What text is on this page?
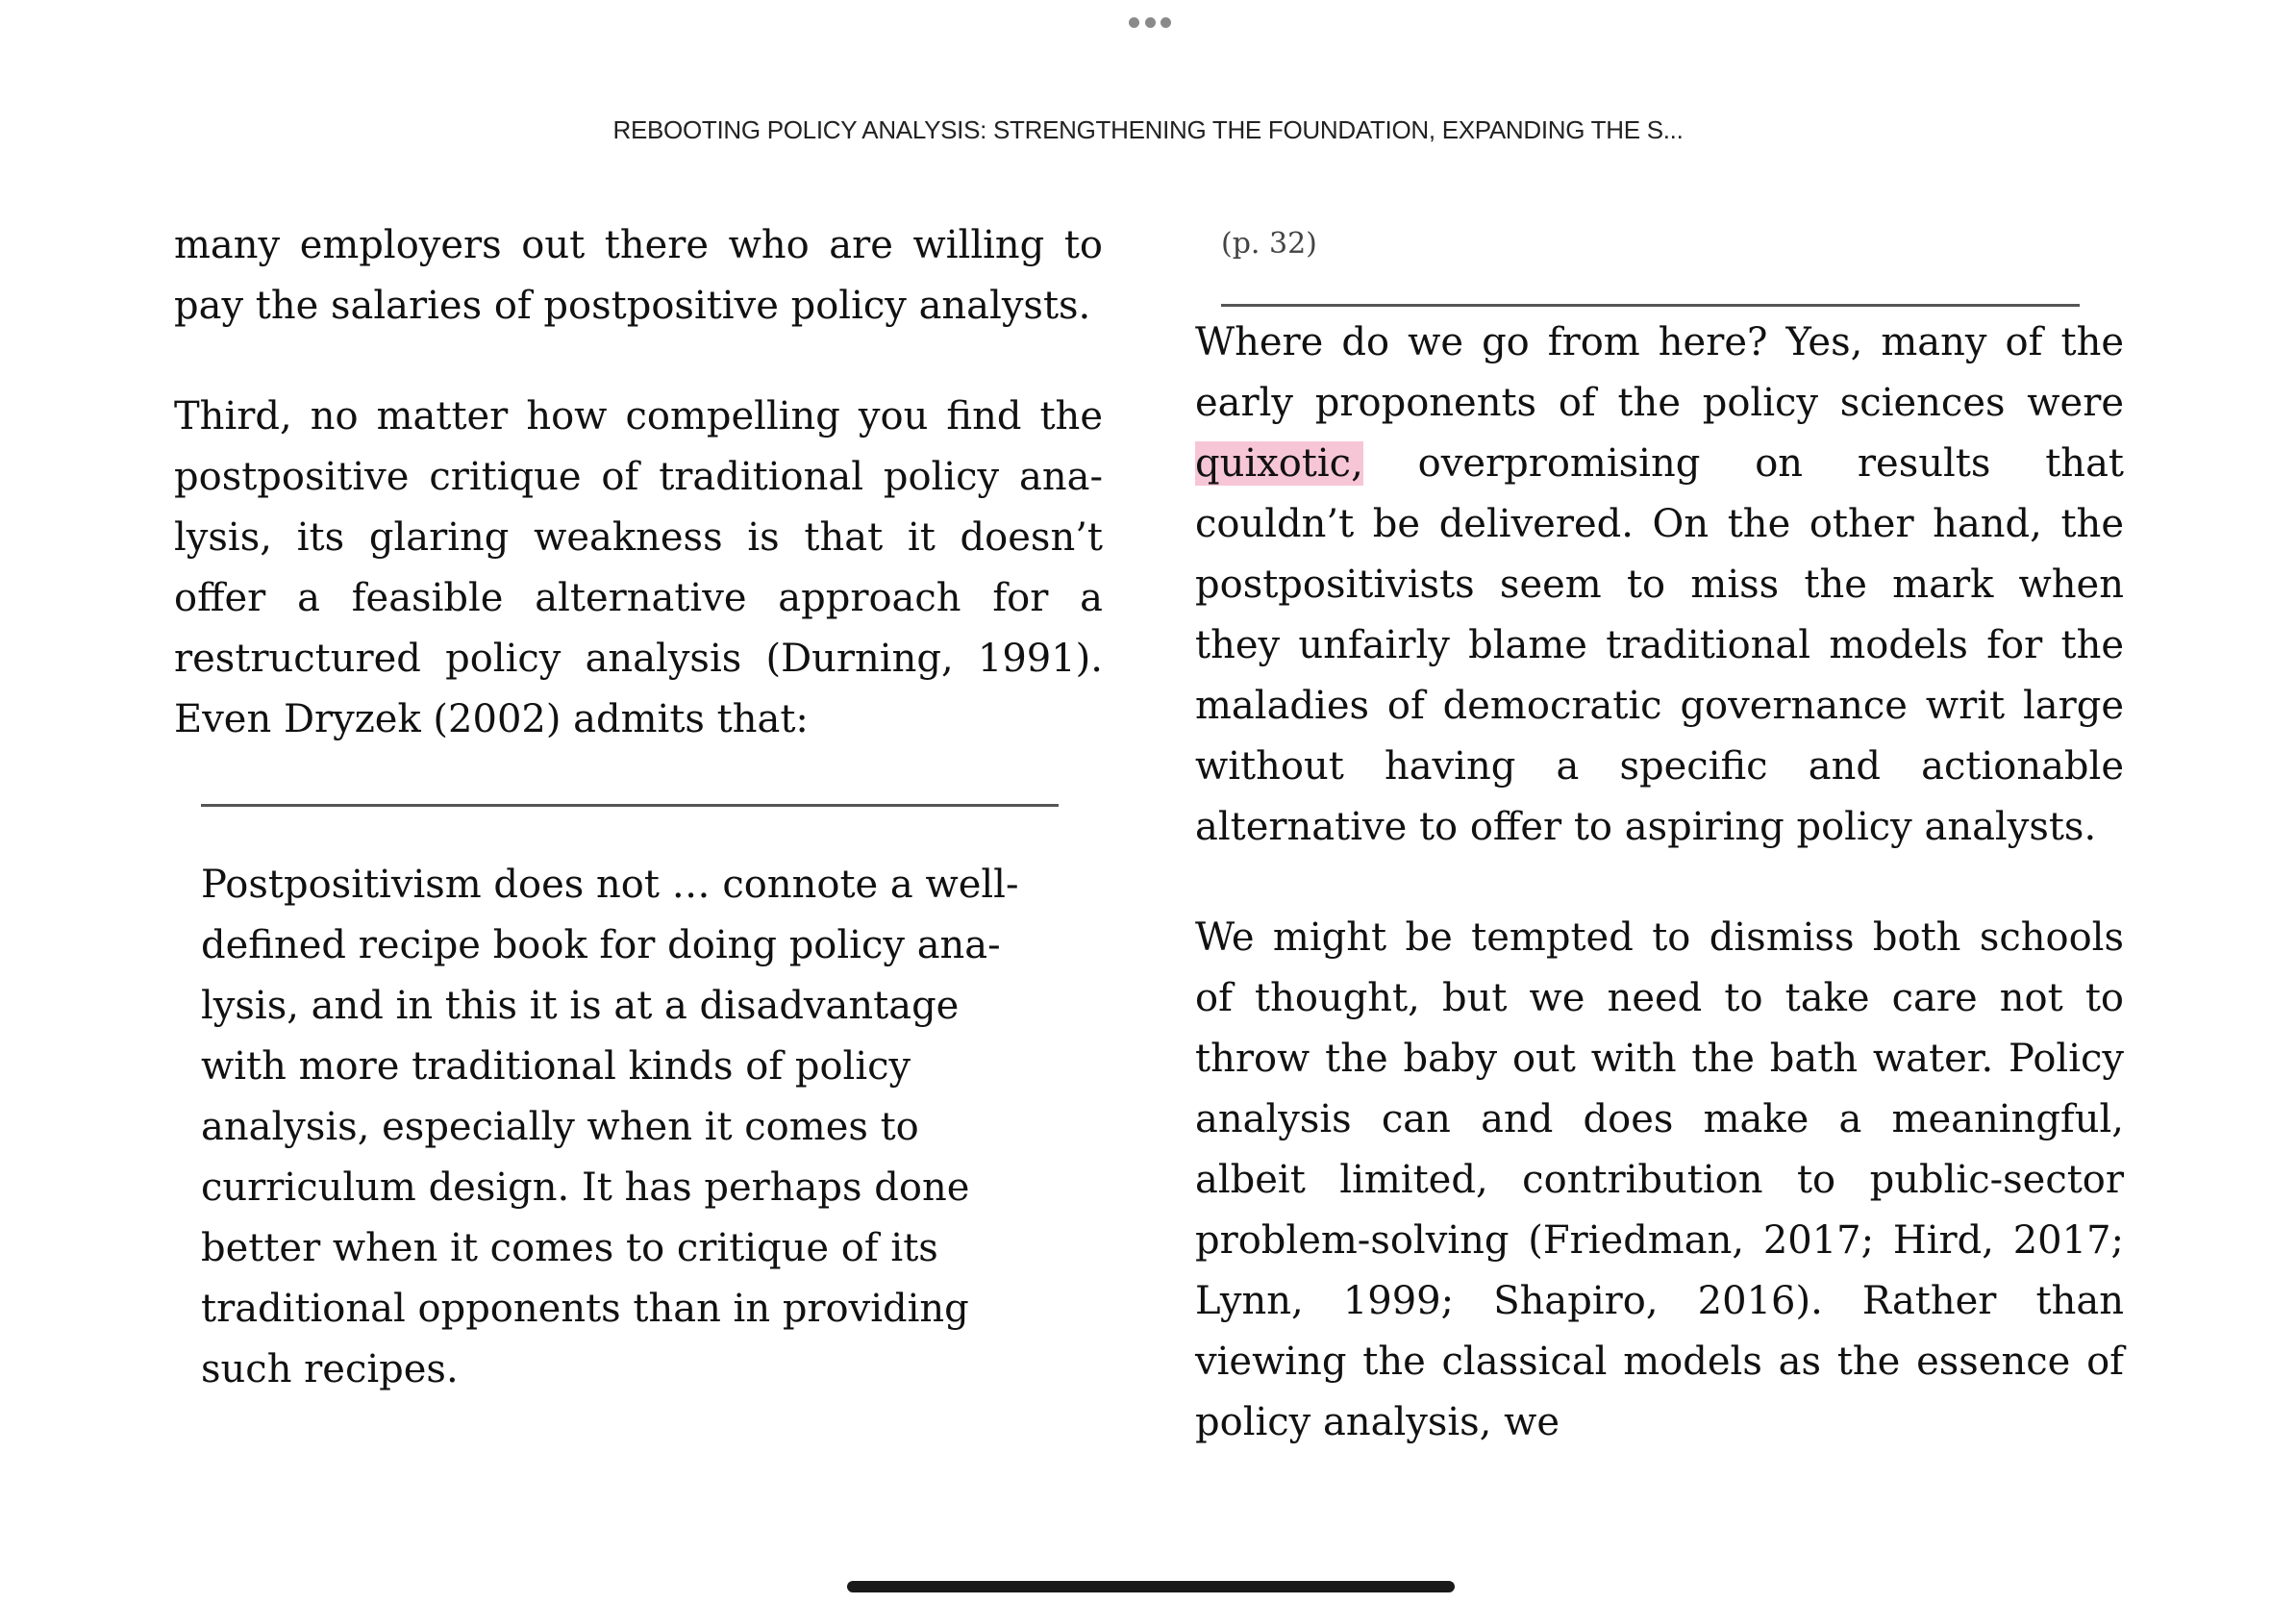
REBOOTING POLICY ANALYSIS: STRENGTHENING THE FOUNDATION, EXPANDING THE S...

many employers out there who are willing to pay the salaries of postpositive policy analysts.

Third, no matter how compelling you find the postpositive critique of traditional policy analysis, its glaring weakness is that it doesn’t offer a feasible alternative approach for a restructured policy analysis (Durning, 1991). Even Dryzek (2002) admits that:

Postpositivism does not … connote a well-defined recipe book for doing policy analysis, and in this it is at a disadvantage with more traditional kinds of policy analysis, especially when it comes to curriculum design. It has perhaps done better when it comes to critique of its traditional opponents than in providing such recipes.

(p. 32)

Where do we go from here? Yes, many of the early proponents of the policy sciences were quixotic, overpromising on results that couldn’t be delivered. On the other hand, the postpositivists seem to miss the mark when they unfairly blame traditional models for the maladies of democratic governance writ large without having a specific and actionable alternative to offer to aspiring policy analysts.

We might be tempted to dismiss both schools of thought, but we need to take care not to throw the baby out with the bath water. Policy analysis can and does make a meaningful, albeit limited, contribution to public-sector problem-solving (Friedman, 2017; Hird, 2017; Lynn, 1999; Shapiro, 2016). Rather than viewing the classical models as the essence of policy analysis, we
